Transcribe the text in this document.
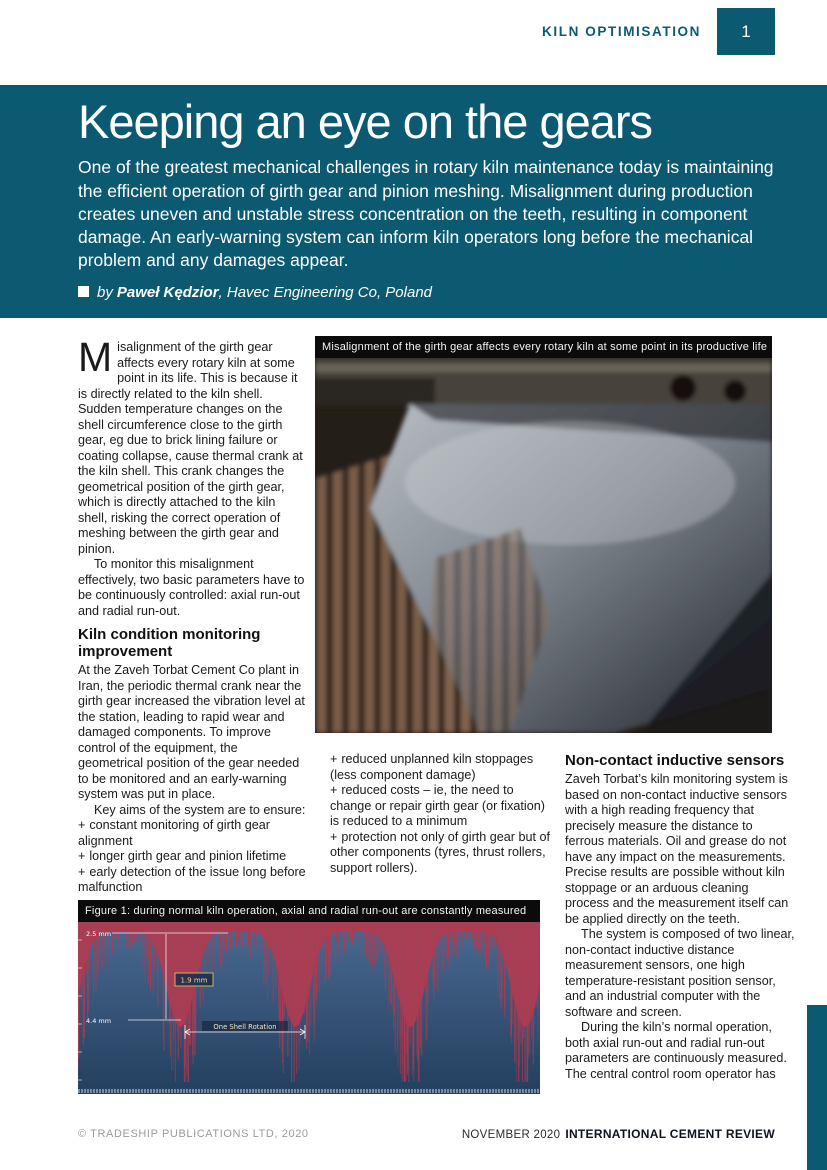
KILN OPTIMISATION 1
Keeping an eye on the gears

One of the greatest mechanical challenges in rotary kiln maintenance today is maintaining the efficient operation of girth gear and pinion meshing. Misalignment during production creates uneven and unstable stress concentration on the teeth, resulting in component damage. An early-warning system can inform kiln operators long before the mechanical problem and any damages appear.

by Paweł Kędzior, Havec Engineering Co, Poland

Misalignment of the girth gear affects every rotary kiln at some point in its life. This is because it is directly related to the kiln shell. Sudden temperature changes on the shell circumference close to the girth gear, eg due to brick lining failure or coating collapse, cause thermal crank at the kiln shell. This crank changes the geometrical position of the girth gear, which is directly attached to the kiln shell, risking the correct operation of meshing between the girth gear and pinion.

To monitor this misalignment effectively, two basic parameters have to be continuously controlled: axial run-out and radial run-out.

Kiln condition monitoring improvement

At the Zaveh Torbat Cement Co plant in Iran, the periodic thermal crank near the girth gear increased the vibration level at the station, leading to rapid wear and damaged components. To improve control of the equipment, the geometrical position of the gear needed to be monitored and an early-warning system was put in place.

Key aims of the system are to ensure:

+ constant monitoring of girth gear alignment

+ longer girth gear and pinion lifetime

+ early detection of the issue long before malfunction

Misalignment of the girth gear affects every rotary kiln at some point in its productive life

+ reduced unplanned kiln stoppages (less component damage)

+ reduced costs – ie, the need to change or repair girth gear (or fixation) is reduced to a minimum

+ protection not only of girth gear but of other components (tyres, thrust rollers, support rollers).

Non-contact inductive sensors

Zaveh Torbat’s kiln monitoring system is based on non-contact inductive sensors with a high reading frequency that precisely measure the distance to ferrous materials. Oil and grease do not have any impact on the measurements. Precise results are possible without kiln stoppage or an arduous cleaning process and the measurement itself can be applied directly on the teeth.

The system is composed of two linear, non-contact inductive distance measurement sensors, one high temperature-resistant position sensor, and an industrial computer with the software and screen.

During the kiln’s normal operation, both axial run-out and radial run-out parameters are continuously measured. The central control room operator has

Figure 1: during normal kiln operation, axial and radial run-out are constantly measured
2.5 mm
1.9 mm
4.4 mm
One Shell Rotation
© TRADESHIP PUBLICATIONS LTD, 2020	NOVEMBER 2020 INTERNATIONAL CEMENT REVIEW
